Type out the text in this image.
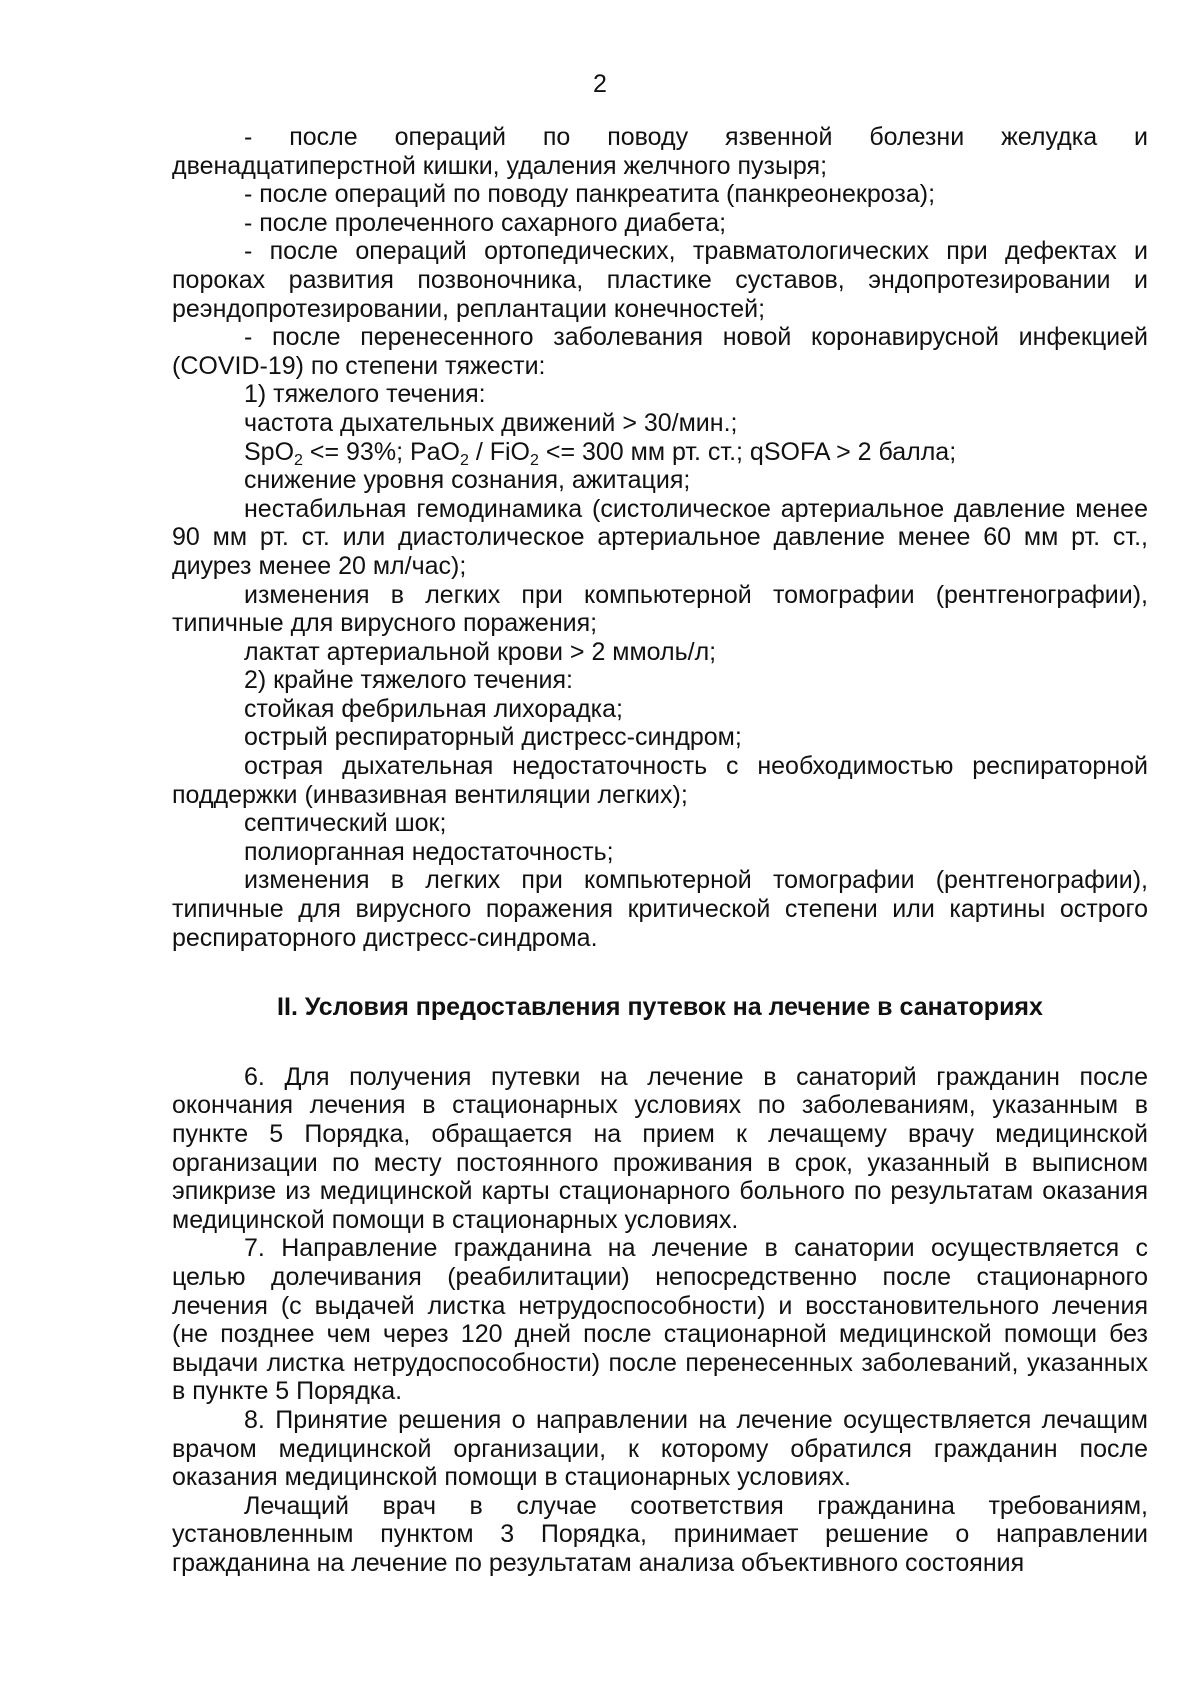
2

- после операций по поводу язвенной болезни желудка и двенадцатиперстной кишки, удаления желчного пузыря;

- после операций по поводу панкреатита (панкреонекроза);

- после пролеченного сахарного диабета;

- после операций ортопедических, травматологических при дефектах и пороках развития позвоночника, пластике суставов, эндопротезировании и реэндопротезировании, реплантации конечностей;

- после перенесенного заболевания новой коронавирусной инфекцией (COVID-19) по степени тяжести:

1) тяжелого течения:

частота дыхательных движений > 30/мин.;

SpO$_2$ <= 93%; PaO$_2$ / FiO$_2$ <= 300 мм рт. ст.; qSOFA > 2 балла;

снижение уровня сознания, ажитация;

нестабильная гемодинамика (систолическое артериальное давление менее 90 мм рт. ст. или диастолическое артериальное давление менее 60 мм рт. ст., диурез менее 20 мл/час);

изменения в легких при компьютерной томографии (рентгенографии), типичные для вирусного поражения;

лактат артериальной крови > 2 ммоль/л;

2) крайне тяжелого течения:

стойкая фебрильная лихорадка;

острый респираторный дистресс-синдром;

острая дыхательная недостаточность с необходимостью респираторной поддержки (инвазивная вентиляции легких);

септический шок;

полиорганная недостаточность;

изменения в легких при компьютерной томографии (рентгенографии), типичные для вирусного поражения критической степени или картины острого респираторного дистресс-синдрома.

II. Условия предоставления путевок на лечение в санаториях

6. Для получения путевки на лечение в санаторий гражданин после окончания лечения в стационарных условиях по заболеваниям, указанным в пункте 5 Порядка, обращается на прием к лечащему врачу медицинской организации по месту постоянного проживания в срок, указанный в выписном эпикризе из медицинской карты стационарного больного по результатам оказания медицинской помощи в стационарных условиях.

7. Направление гражданина на лечение в санатории осуществляется с целью долечивания (реабилитации) непосредственно после стационарного лечения (с выдачей листка нетрудоспособности) и восстановительного лечения (не позднее чем через 120 дней после стационарной медицинской помощи без выдачи листка нетрудоспособности) после перенесенных заболеваний, указанных в пункте 5 Порядка.

8. Принятие решения о направлении на лечение осуществляется лечащим врачом медицинской организации, к которому обратился гражданин после оказания медицинской помощи в стационарных условиях.

Лечащий врач в случае соответствия гражданина требованиям, установленным пунктом 3 Порядка, принимает решение о направлении гражданина на лечение по результатам анализа объективного состояния
